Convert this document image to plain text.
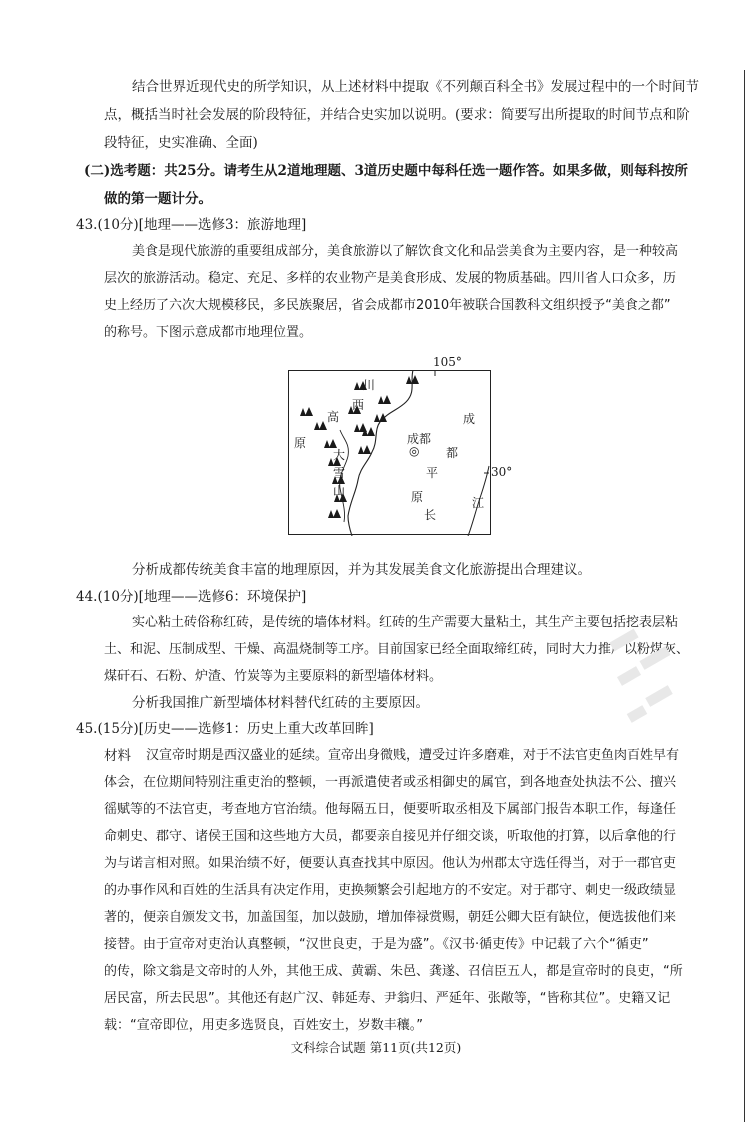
结合世界近现代史的所学知识，从上述材料中提取《不列颠百科全书》发展过程中的一个时间节
点，概括当时社会发展的阶段特征，并结合史实加以说明。(要求：简要写出所提取的时间节点和阶
段特征，史实准确、全面)
(二)选考题：共25分。请考生从2道地理题、3道历史题中每科任选一题作答。如果多做，则每科按所
做的第一题计分。
43.(10分)[地理——选修3：旅游地理]
美食是现代旅游的重要组成部分，美食旅游以了解饮食文化和品尝美食为主要内容，是一种较高
层次的旅游活动。稳定、充足、多样的农业物产是美食形成、发展的物质基础。四川省人口众多，历
史上经历了六次大规模移民，多民族聚居，省会成都市2010年被联合国教科文组织授予“美食之都”
的称号。下图示意成都市地理位置。
105°
川
西
高
原
大
雪
山
成
都
平
原
长
江
成都
◎
30°
分析成都传统美食丰富的地理原因，并为其发展美食文化旅游提出合理建议。
44.(10分)[地理——选修6：环境保护]
实心粘土砖俗称红砖，是传统的墙体材料。红砖的生产需要大量粘土，其生产主要包括挖表层粘
土、和泥、压制成型、干燥、高温烧制等工序。目前国家已经全面取缔红砖，同时大力推广以粉煤灰、
煤矸石、石粉、炉渣、竹炭等为主要原料的新型墙体材料。
分析我国推广新型墙体材料替代红砖的主要原因。
45.(15分)[历史——选修1：历史上重大改革回眸]
材料 汉宣帝时期是西汉盛业的延续。宣帝出身微贱，遭受过许多磨难，对于不法官吏鱼肉百姓早有
体会，在位期间特别注重吏治的整顿，一再派遣使者或丞相御史的属官，到各地查处执法不公、擅兴
徭赋等的不法官吏，考查地方官治绩。他每隔五日，便要听取丞相及下属部门报告本职工作，每逢任
命刺史、郡守、诸侯王国和这些地方大员，都要亲自接见并仔细交谈，听取他的打算，以后拿他的行
为与诺言相对照。如果治绩不好，便要认真查找其中原因。他认为州郡太守选任得当，对于一郡官吏
的办事作风和百姓的生活具有决定作用，吏换频繁会引起地方的不安定。对于郡守、刺史一级政绩显
著的，便亲自颁发文书，加盖国玺，加以鼓励，增加俸禄赏赐，朝廷公卿大臣有缺位，便选拔他们来
接替。由于宣帝对吏治认真整顿，“汉世良吏，于是为盛”。《汉书·循吏传》中记载了六个“循吏”
的传，除文翁是文帝时的人外，其他王成、黄霸、朱邑、龚遂、召信臣五人，都是宣帝时的良吏，“所
居民富，所去民思”。其他还有赵广汉、韩延寿、尹翁归、严延年、张敞等，“皆称其位”。史籍又记
载：“宣帝即位，用吏多选贤良，百姓安土，岁数丰穰。”
文科综合试题 第11页(共12页)
